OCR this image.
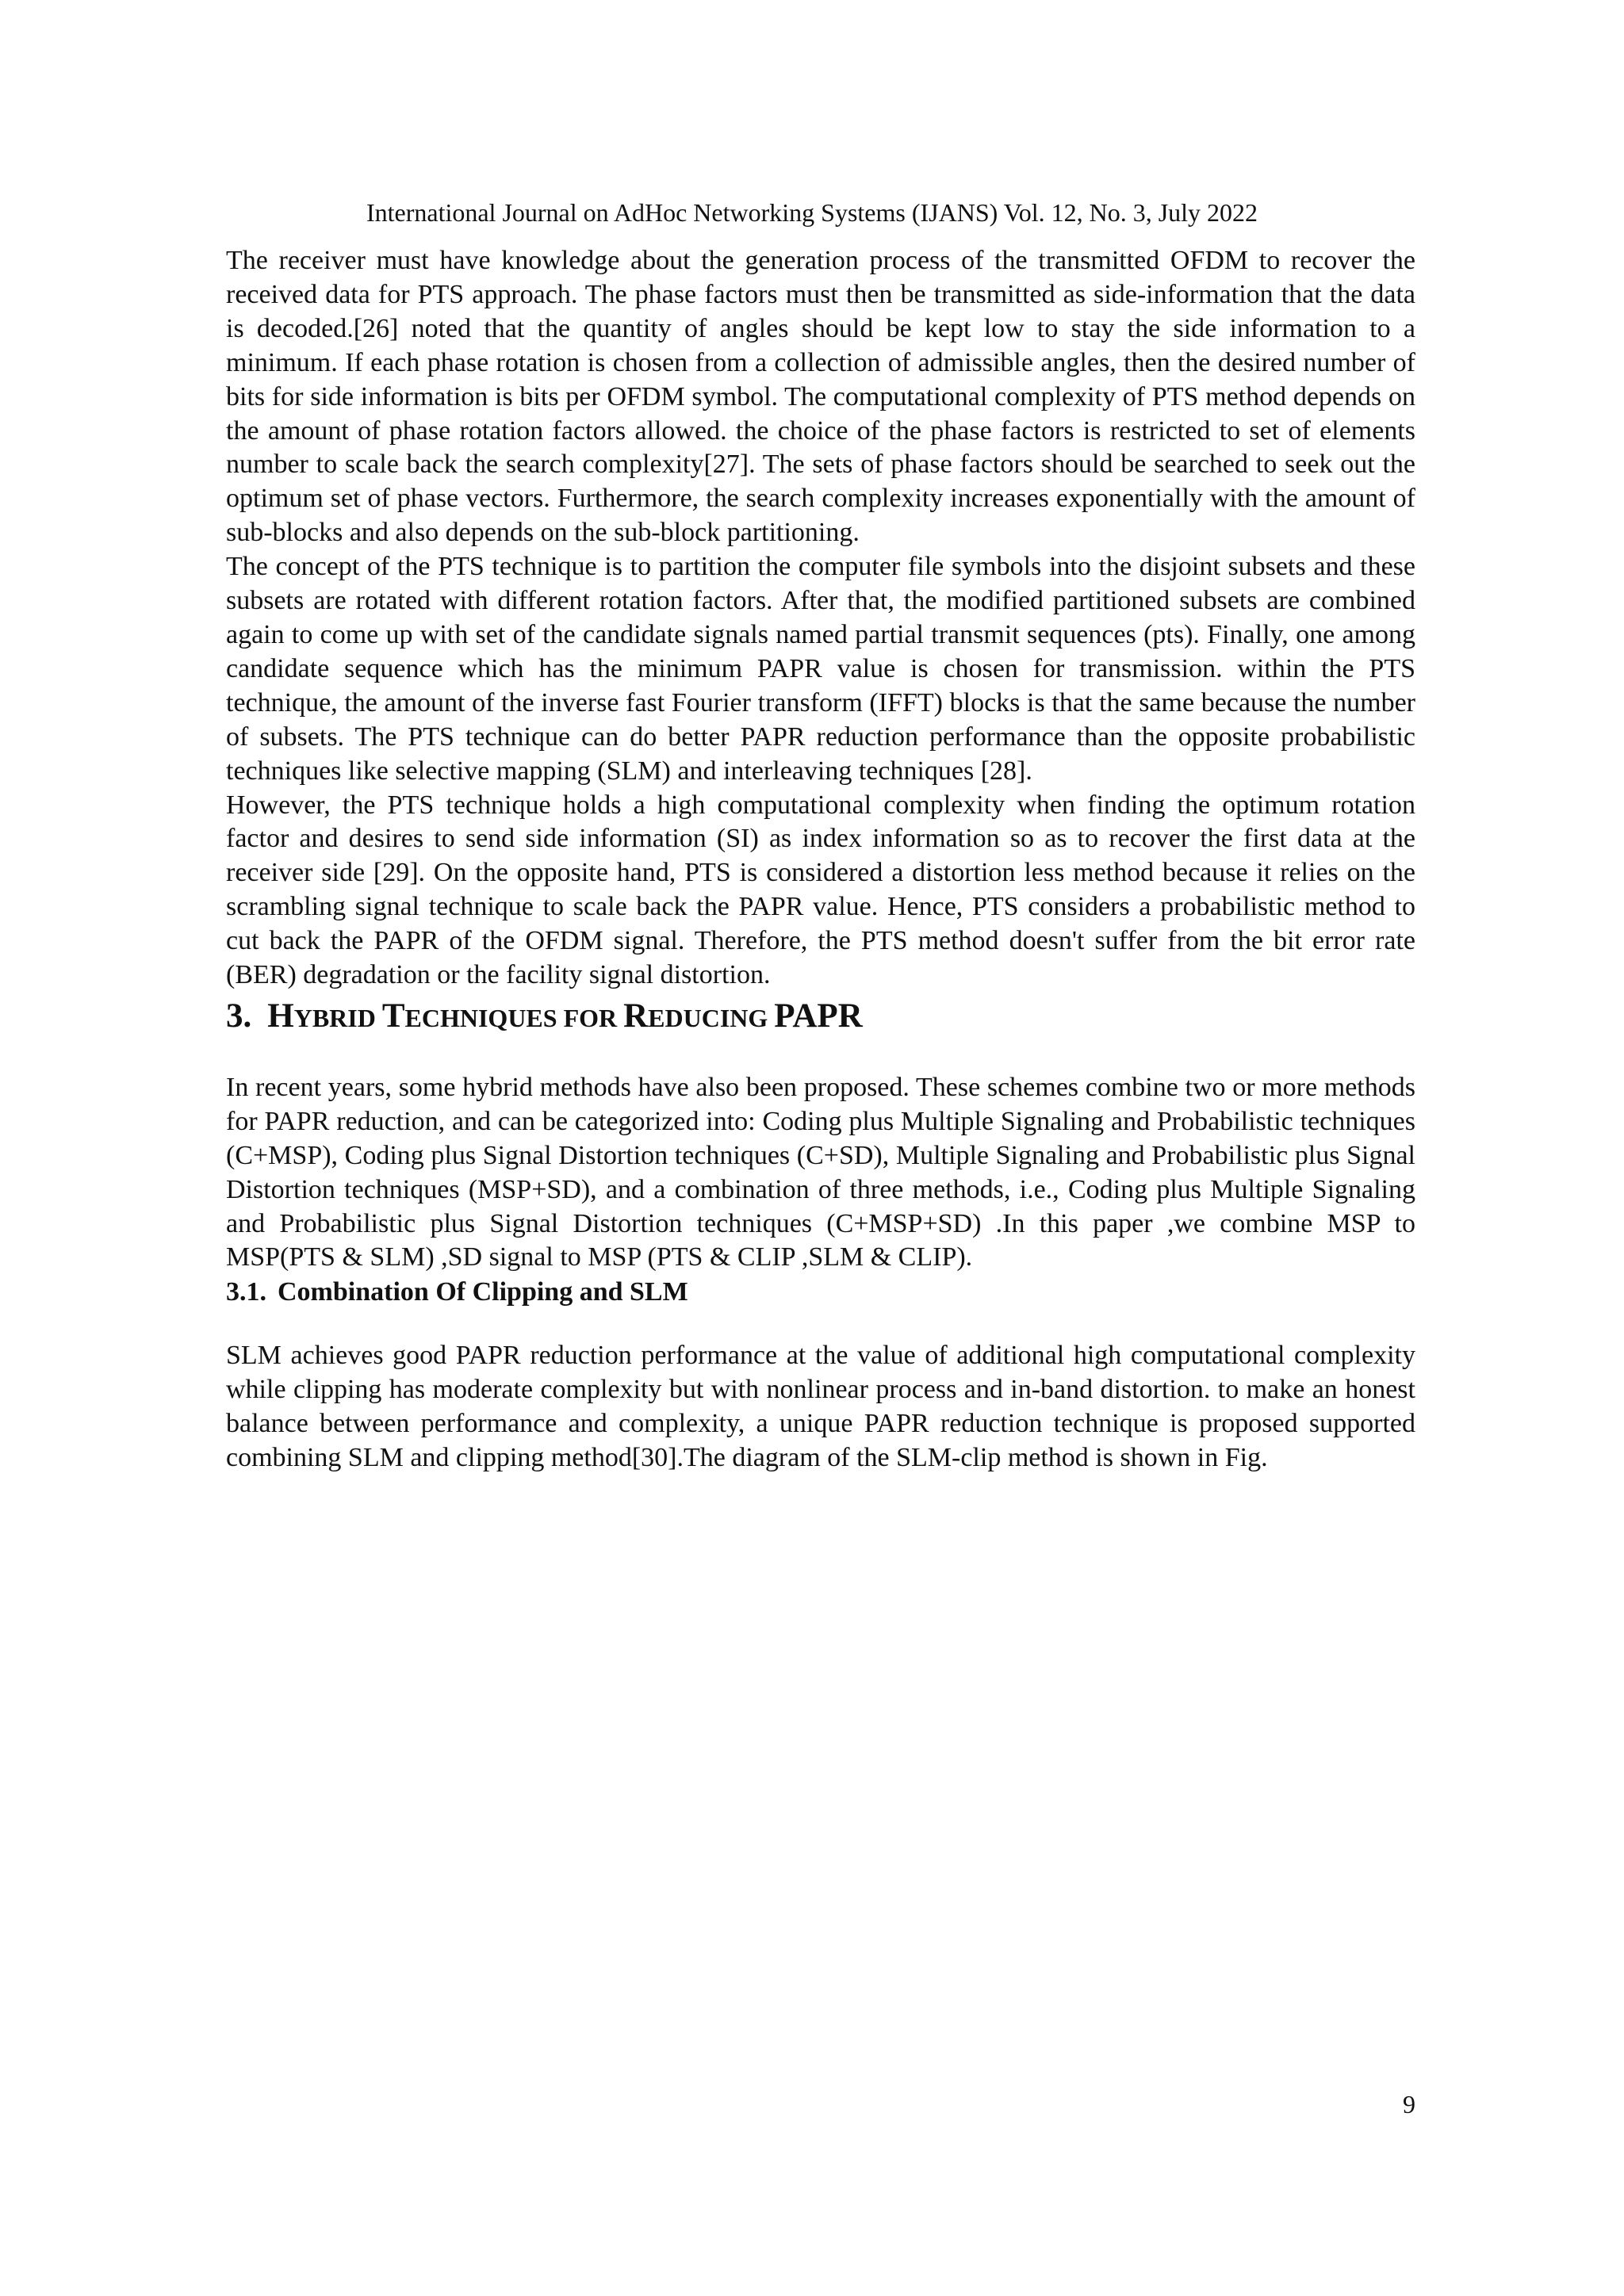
International Journal on AdHoc Networking Systems (IJANS) Vol. 12, No. 3, July 2022

The receiver must have knowledge about the generation process of the transmitted OFDM to recover the received data for PTS approach. The phase factors must then be transmitted as side-information that the data is decoded.[26] noted that the quantity of angles should be kept low to stay the side information to a minimum. If each phase rotation is chosen from a collection of admissible angles, then the desired number of bits for side information is bits per OFDM symbol. The computational complexity of PTS method depends on the amount of phase rotation factors allowed. the choice of the phase factors is restricted to set of elements number to scale back the search complexity[27]. The sets of phase factors should be searched to seek out the optimum set of phase vectors. Furthermore, the search complexity increases exponentially with the amount of sub-blocks and also depends on the sub-block partitioning.

The concept of the PTS technique is to partition the computer file symbols into the disjoint subsets and these subsets are rotated with different rotation factors. After that, the modified partitioned subsets are combined again to come up with set of the candidate signals named partial transmit sequences (pts). Finally, one among candidate sequence which has the minimum PAPR value is chosen for transmission. within the PTS technique, the amount of the inverse fast Fourier transform (IFFT) blocks is that the same because the number of subsets. The PTS technique can do better PAPR reduction performance than the opposite probabilistic techniques like selective mapping (SLM) and interleaving techniques [28].

However, the PTS technique holds a high computational complexity when finding the optimum rotation factor and desires to send side information (SI) as index information so as to recover the first data at the receiver side [29]. On the opposite hand, PTS is considered a distortion less method because it relies on the scrambling signal technique to scale back the PAPR value. Hence, PTS considers a probabilistic method to cut back the PAPR of the OFDM signal. Therefore, the PTS method doesn't suffer from the bit error rate (BER) degradation or the facility signal distortion.

3. HYBRID TECHNIQUES FOR REDUCING PAPR

In recent years, some hybrid methods have also been proposed. These schemes combine two or more methods for PAPR reduction, and can be categorized into: Coding plus Multiple Signaling and Probabilistic techniques (C+MSP), Coding plus Signal Distortion techniques (C+SD), Multiple Signaling and Probabilistic plus Signal Distortion techniques (MSP+SD), and a combination of three methods, i.e., Coding plus Multiple Signaling and Probabilistic plus Signal Distortion techniques (C+MSP+SD) .In this paper ,we combine MSP to MSP(PTS & SLM) ,SD signal to MSP (PTS & CLIP ,SLM & CLIP).

3.1. Combination Of Clipping and SLM

SLM achieves good PAPR reduction performance at the value of additional high computational complexity while clipping has moderate complexity but with nonlinear process and in-band distortion. to make an honest balance between performance and complexity, a unique PAPR reduction technique is proposed supported combining SLM and clipping method[30].The diagram of the SLM-clip method is shown in Fig.

9
